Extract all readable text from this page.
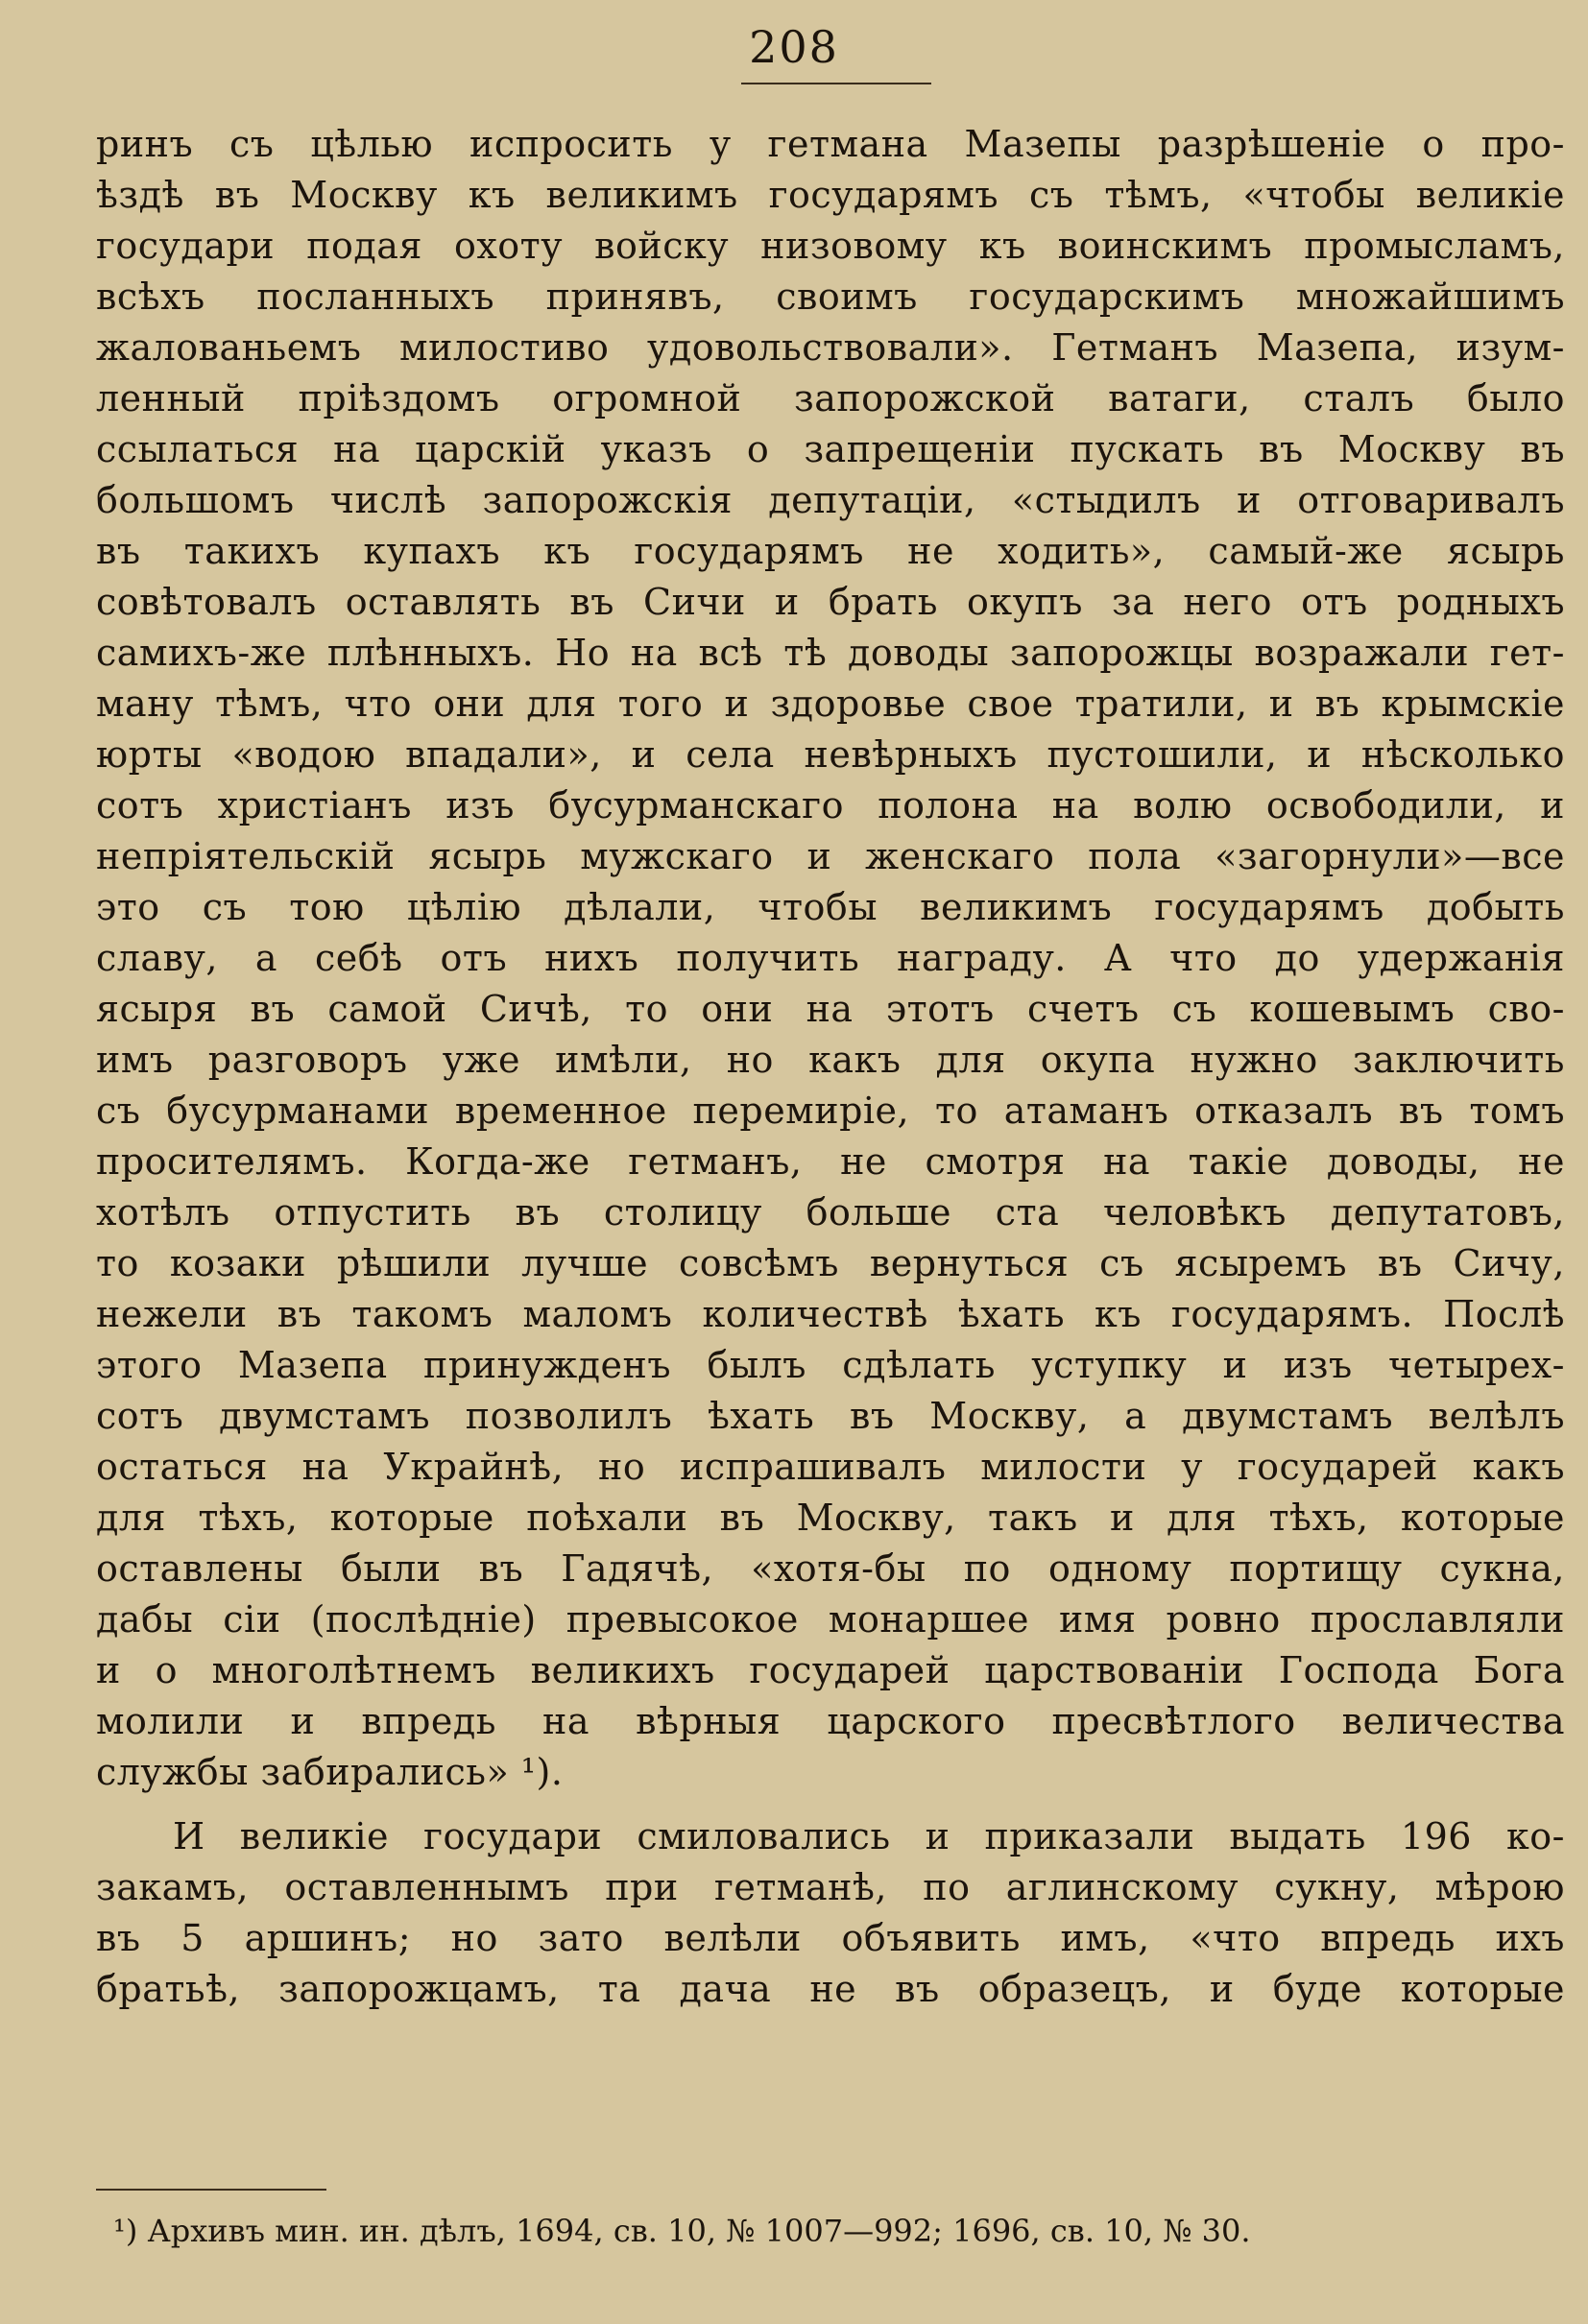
208
ринъ съ цѣлью испросить у гетмана Мазепы разрѣшеніе о про-
ѣздѣ въ Москву къ великимъ государямъ съ тѣмъ, «чтобы великіе
государи подая охоту войску низовому къ воинскимъ промысламъ,
всѣхъ посланныхъ принявъ, своимъ государскимъ множайшимъ
жалованьемъ милостиво удовольствовали». Гетманъ Мазепа, изум-
ленный пріѣздомъ огромной запорожской ватаги, сталъ было
ссылаться на царскій указъ о запрещеніи пускать въ Москву въ
большомъ числѣ запорожскія депутаціи, «стыдилъ и отговаривалъ
въ такихъ купахъ къ государямъ не ходить», самый-же ясырь
совѣтовалъ оставлять въ Сичи и брать окупъ за него отъ родныхъ
самихъ-же плѣнныхъ. Но на всѣ тѣ доводы запорожцы возражали гет-
ману тѣмъ, что они для того и здоровье свое тратили, и въ крымскіе
юрты «водою впадали», и села невѣрныхъ пустошили, и нѣсколько
сотъ христіанъ изъ бусурманскаго полона на волю освободили, и
непріятельскій ясырь мужскаго и женскаго пола «загорнули»—все
это съ тою цѣлію дѣлали, чтобы великимъ государямъ добыть
славу, а себѣ отъ нихъ получить награду. А что до удержанія
ясыря въ самой Сичѣ, то они на этотъ счетъ съ кошевымъ сво-
имъ разговоръ уже имѣли, но какъ для окупа нужно заключить
съ бусурманами временное перемиріе, то атаманъ отказалъ въ томъ
просителямъ. Когда-же гетманъ, не смотря на такіе доводы, не
хотѣлъ отпустить въ столицу больше ста человѣкъ депутатовъ,
то козаки рѣшили лучше совсѣмъ вернуться съ ясыремъ въ Сичу,
нежели въ такомъ маломъ количествѣ ѣхать къ государямъ. Послѣ
этого Мазепа принужденъ былъ сдѣлать уступку и изъ четырех-
сотъ двумстамъ позволилъ ѣхать въ Москву, а двумстамъ велѣлъ
остаться на Украйнѣ, но испрашивалъ милости у государей какъ
для тѣхъ, которые поѣхали въ Москву, такъ и для тѣхъ, которые
оставлены были въ Гадячѣ, «хотя-бы по одному портищу сукна,
дабы сіи (послѣдніе) превысокое монаршее имя ровно прославляли
и о многолѣтнемъ великихъ государей царствованіи Господа Бога
молили и впредь на вѣрныя царского пресвѣтлого величества
службы забирались» ¹).
И великіе государи смиловались и приказали выдать 196 ко-
закамъ, оставленнымъ при гетманѣ, по аглинскому сукну, мѣрою
въ 5 аршинъ; но зато велѣли объявить имъ, «что впредь ихъ
братьѣ, запорожцамъ, та дача не въ образецъ, и буде которые
¹) Архивъ мин. ин. дѣлъ, 1694, св. 10, № 1007—992; 1696, св. 10, № 30.
